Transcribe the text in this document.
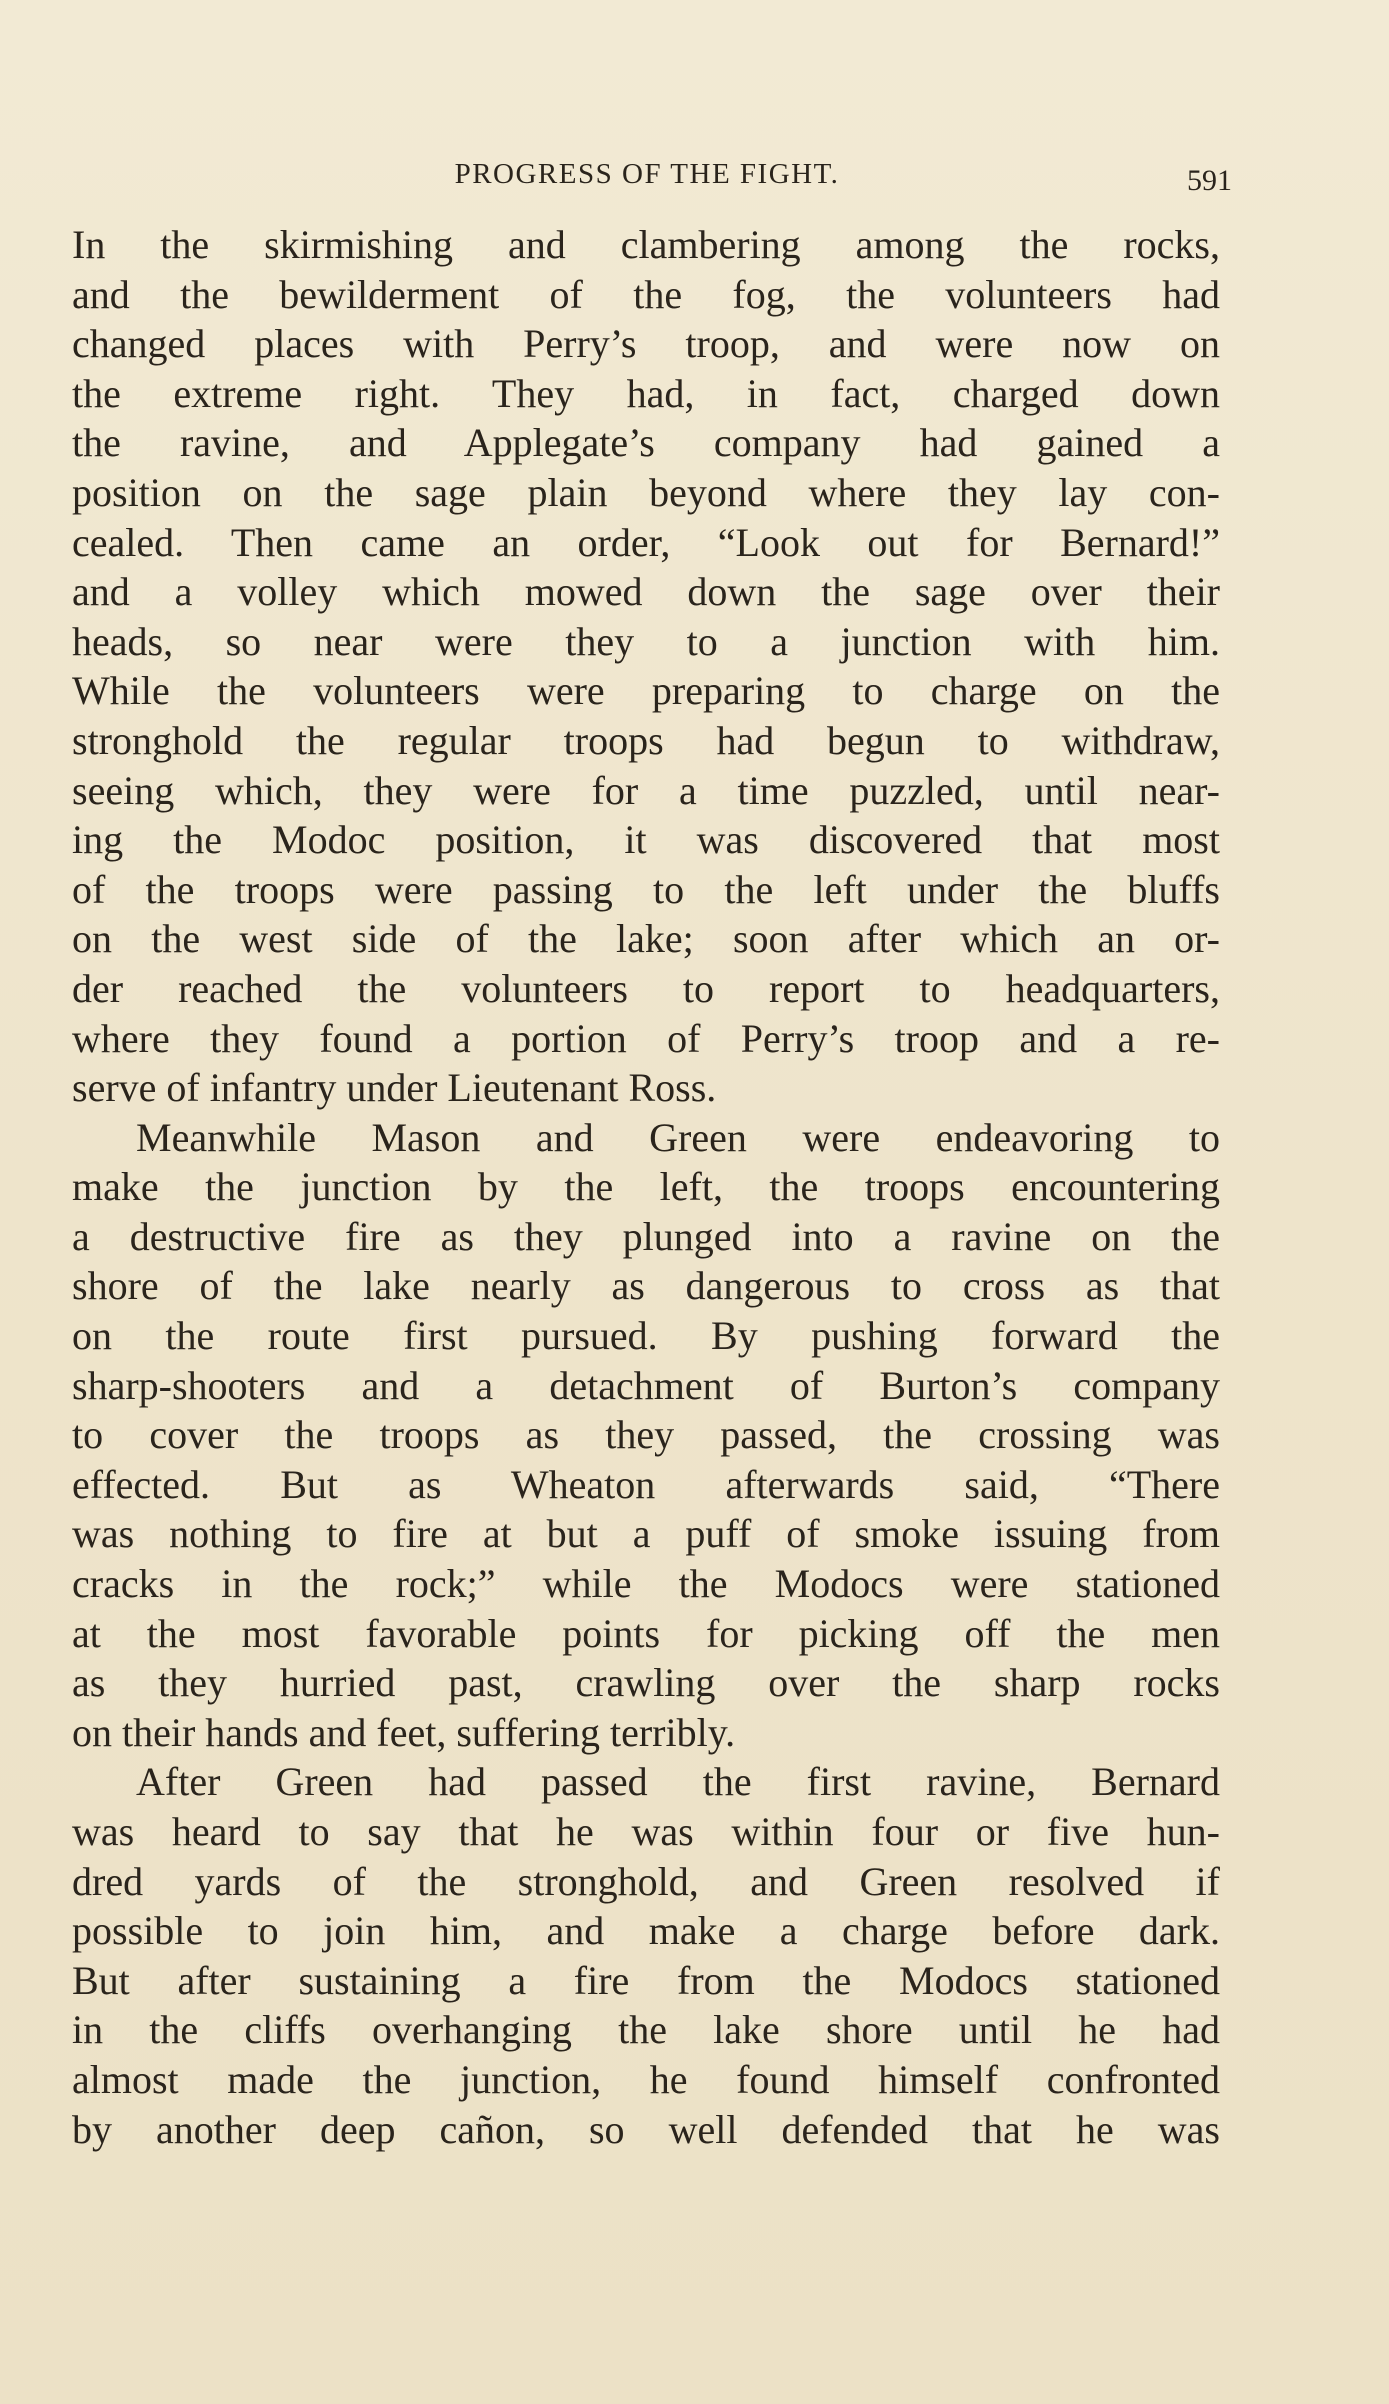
PROGRESS OF THE FIGHT.	591
In the skirmishing and clambering among the rocks,
and the bewilderment of the fog, the volunteers had
changed places with Perry’s troop, and were now on
the extreme right. They had, in fact, charged down
the ravine, and Applegate’s company had gained a
position on the sage plain beyond where they lay con-
cealed. Then came an order, “Look out for Bernard!”
and a volley which mowed down the sage over their
heads, so near were they to a junction with him.
While the volunteers were preparing to charge on the
stronghold the regular troops had begun to withdraw,
seeing which, they were for a time puzzled, until near-
ing the Modoc position, it was discovered that most
of the troops were passing to the left under the bluffs
on the west side of the lake; soon after which an or-
der reached the volunteers to report to headquarters,
where they found a portion of Perry’s troop and a re-
serve of infantry under Lieutenant Ross.
Meanwhile Mason and Green were endeavoring to
make the junction by the left, the troops encountering
a destructive fire as they plunged into a ravine on the
shore of the lake nearly as dangerous to cross as that
on the route first pursued. By pushing forward the
sharp-shooters and a detachment of Burton’s company
to cover the troops as they passed, the crossing was
effected. But as Wheaton afterwards said, “There
was nothing to fire at but a puff of smoke issuing from
cracks in the rock;” while the Modocs were stationed
at the most favorable points for picking off the men
as they hurried past, crawling over the sharp rocks
on their hands and feet, suffering terribly.
After Green had passed the first ravine, Bernard
was heard to say that he was within four or five hun-
dred yards of the stronghold, and Green resolved if
possible to join him, and make a charge before dark.
But after sustaining a fire from the Modocs stationed
in the cliffs overhanging the lake shore until he had
almost made the junction, he found himself confronted
by another deep cañon, so well defended that he was
